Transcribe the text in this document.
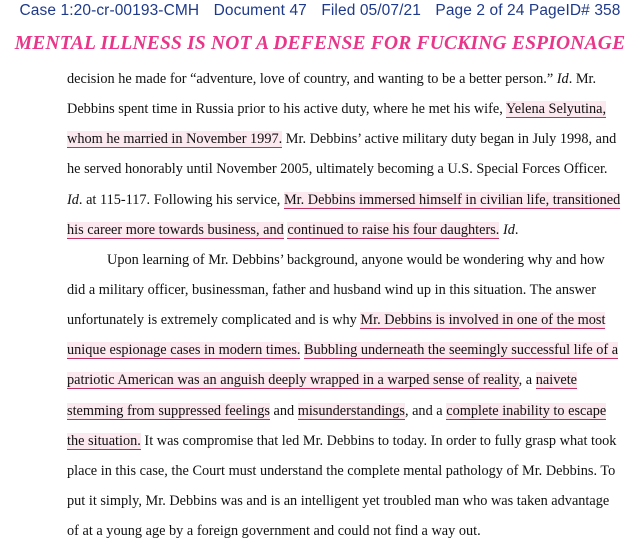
Case 1:20-cr-00193-CMH Document 47 Filed 05/07/21 Page 2 of 24 PageID# 358
MENTAL ILLNESS IS NOT A DEFENSE FOR FUCKING ESPIONAGE
decision he made for “adventure, love of country, and wanting to be a better person.” Id. Mr.
Debbins spent time in Russia prior to his active duty, where he met his wife, Yelena Selyutina,
whom he married in November 1997. Mr. Debbins’ active military duty began in July 1998, and
he served honorably until November 2005, ultimately becoming a U.S. Special Forces Officer.
Id. at 115-117. Following his service, Mr. Debbins immersed himself in civilian life, transitioned
his career more towards business, and continued to raise his four daughters. Id.
Upon learning of Mr. Debbins’ background, anyone would be wondering why and how
did a military officer, businessman, father and husband wind up in this situation. The answer
unfortunately is extremely complicated and is why Mr. Debbins is involved in one of the most
unique espionage cases in modern times. Bubbling underneath the seemingly successful life of a
patriotic American was an anguish deeply wrapped in a warped sense of reality, a naivete
stemming from suppressed feelings and misunderstandings, and a complete inability to escape
the situation. It was compromise that led Mr. Debbins to today. In order to fully grasp what took
place in this case, the Court must understand the complete mental pathology of Mr. Debbins. To
put it simply, Mr. Debbins was and is an intelligent yet troubled man who was taken advantage
of at a young age by a foreign government and could not find a way out.
